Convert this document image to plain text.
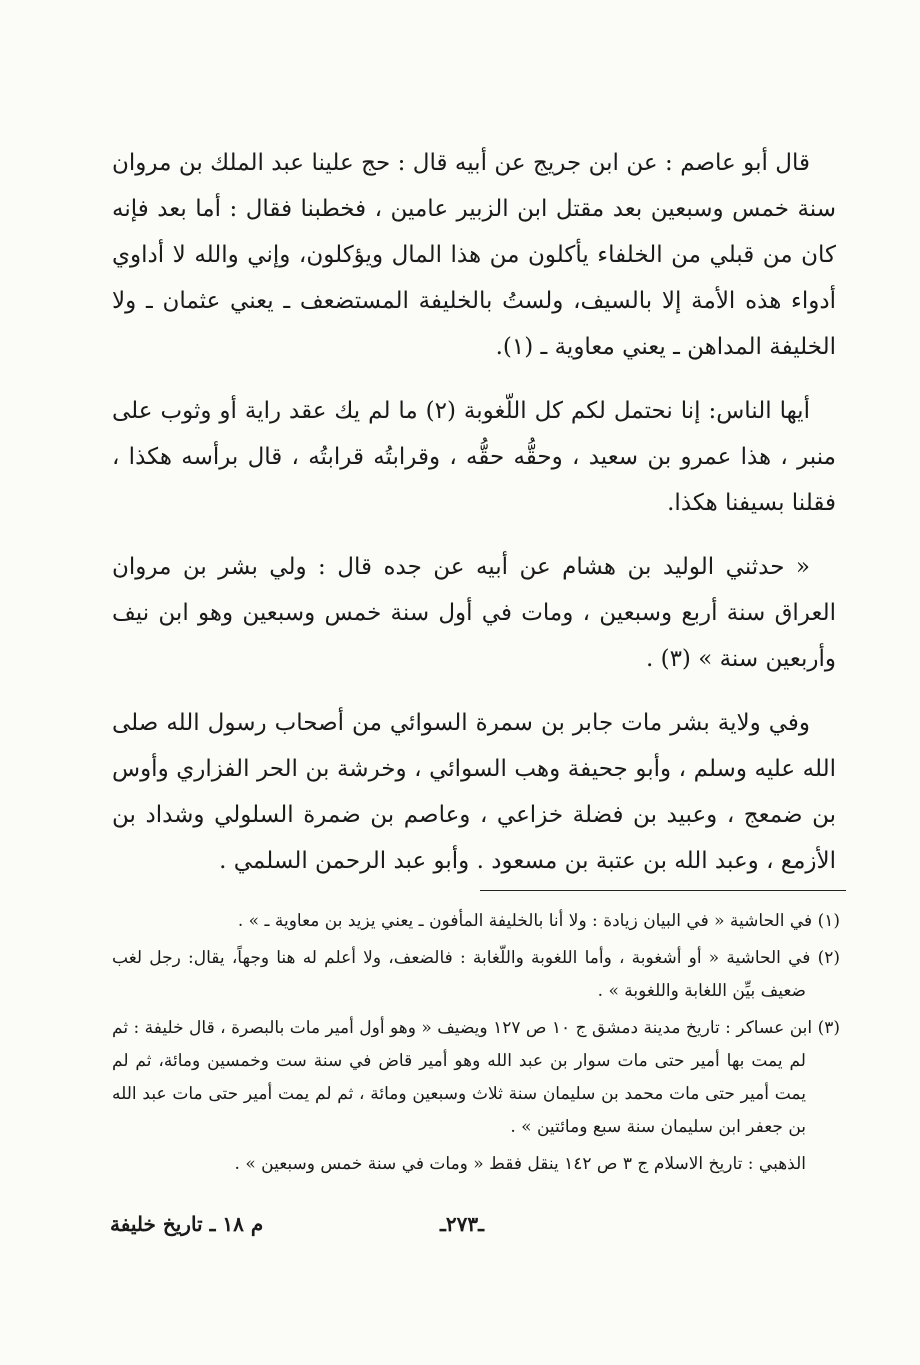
قال أبو عاصم : عن ابن جريج عن أبيه قال : حج علينا عبد الملك بن مروان سنة خمس وسبعين بعد مقتل ابن الزبير عامين ، فخطبنا فقال : أما بعد فإنه كان من قبلي من الخلفاء يأكلون من هذا المال ويؤكلون، وإني والله لا أداوي أدواء هذه الأمة إلا بالسيف، ولستُ بالخليفة المستضعف ـ يعني عثمان ـ ولا الخليفة المداهن ـ يعني معاوية ـ (١).

أيها الناس: إنا نحتمل لكم كل اللّغوبة (٢) ما لم يك عقد راية أو وثوب على منبر ، هذا عمرو بن سعيد ، وحقُّه حقُّه ، وقرابتُه قرابتُه ، قال برأسه هكذا ، فقلنا بسيفنا هكذا.

« حدثني الوليد بن هشام عن أبيه عن جده قال : ولي بشر بن مروان العراق سنة أربع وسبعين ، ومات في أول سنة خمس وسبعين وهو ابن نيف وأربعين سنة » (٣) .

وفي ولاية بشر مات جابر بن سمرة السوائي من أصحاب رسول الله صلى الله عليه وسلم ، وأبو جحيفة وهب السوائي ، وخرشة بن الحر الفزاري وأوس بن ضمعج ، وعبيد بن فضلة خزاعي ، وعاصم بن ضمرة السلولي وشداد بن الأزمع ، وعبد الله بن عتبة بن مسعود . وأبو عبد الرحمن السلمي .

(١) في الحاشية « في البيان زيادة : ولا أنا بالخليفة المأفون ـ يعني يزيد بن معاوية ـ » .

(٢) في الحاشية « أو أشغوبة ، وأما اللغوبة واللّغابة : فالضعف، ولا أعلم له هنا وجهاً، يقال: رجل لغب ضعيف بيِّن اللغابة واللغوبة » .

(٣) ابن عساكر : تاريخ مدينة دمشق ج ١٠ ص ١٢٧ ويضيف « وهو أول أمير مات بالبصرة ، قال خليفة : ثم لم يمت بها أمير حتى مات سوار بن عبد الله وهو أمير قاض في سنة ست وخمسين ومائة، ثم لم يمت أمير حتى مات محمد بن سليمان سنة ثلاث وسبعين ومائة ، ثم لم يمت أمير حتى مات عبد الله بن جعفر ابن سليمان سنة سبع ومائتين » .

الذهبي : تاريخ الاسلام ج ٣ ص ١٤٢ ينقل فقط « ومات في سنة خمس وسبعين » .

ـ٢٧٣ـ
م ١٨ ـ تاريخ خليفة
